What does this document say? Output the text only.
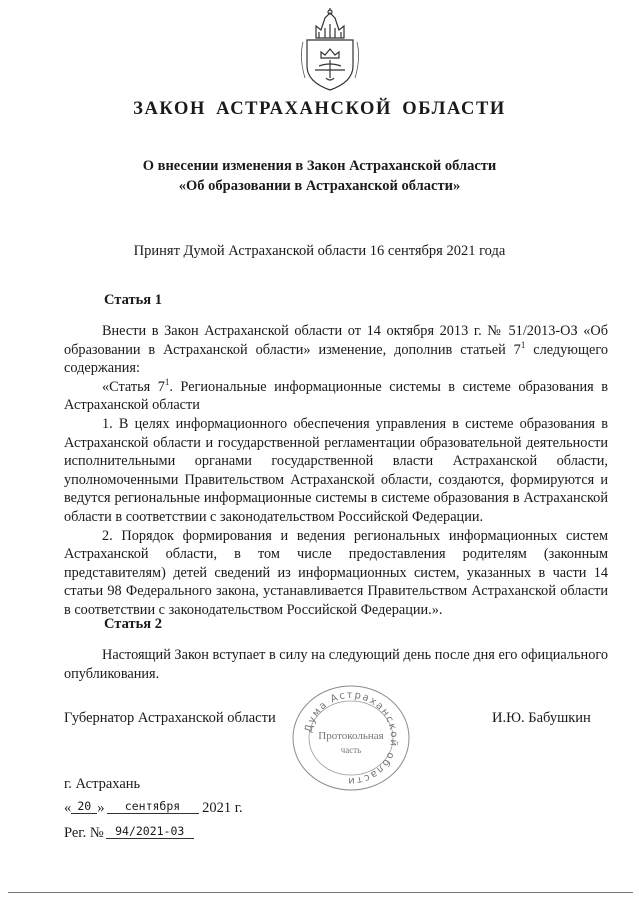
ЗАКОН АСТРАХАНСКОЙ ОБЛАСТИ
О внесении изменения в Закон Астраханской области
«Об образовании в Астраханской области»
Принят Думой Астраханской области 16 сентября 2021 года
Статья 1

Внести в Закон Астраханской области от 14 октября 2013 г. № 51/2013-ОЗ «Об образовании в Астраханской области» изменение, дополнив статьей $7^1$ следующего содержания:

«Статья $7^1$. Региональные информационные системы в системе образования в Астраханской области

1. В целях информационного обеспечения управления в системе образования в Астраханской области и государственной регламентации образовательной деятельности исполнительными органами государственной власти Астраханской области, уполномоченными Правительством Астраханской области, создаются, формируются и ведутся региональные информационные системы в системе образования в Астраханской области в соответствии с законодательством Российской Федерации.

2. Порядок формирования и ведения региональных информационных систем Астраханской области, в том числе предоставления родителям (законным представителям) детей сведений из информационных систем, указанных в части 14 статьи 98 Федерального закона, устанавливается Правительством Астраханской области в соответствии с законодательством Российской Федерации.».

Статья 2

Настоящий Закон вступает в силу на следующий день после дня его официального опубликования.

Губернатор Астраханской области	И.Ю. Бабушкин
Дума Астраханской области
Протокольная
часть
г. Астрахань
« 20 » сентября 2021 г.
Рег. № 94/2021-03
